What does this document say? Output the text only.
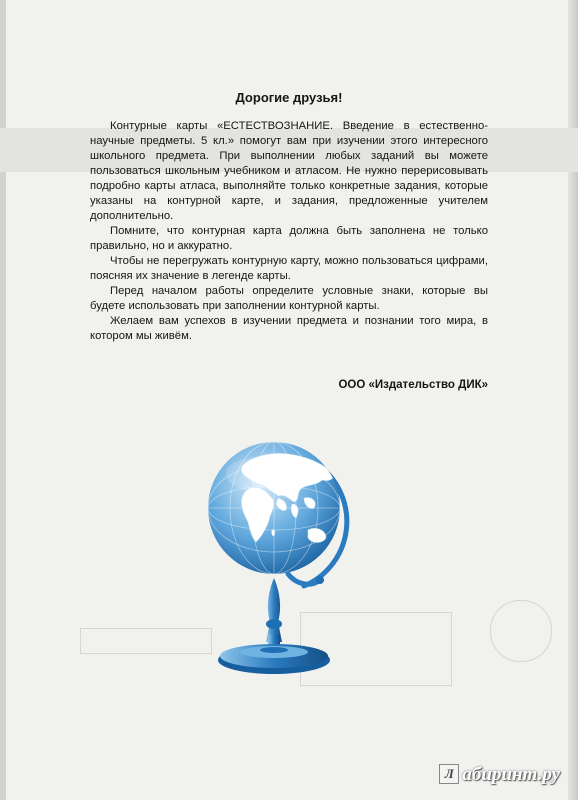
Дорогие друзья!

Контурные карты «ЕСТЕСТВОЗНАНИЕ. Введение в естественно-научные предметы. 5 кл.» помогут вам при изучении этого интересного школьного предмета. При выполнении любых заданий вы можете пользоваться школьным учебником и атласом. Не нужно перерисовывать подробно карты атласа, выполняйте только конкретные задания, которые указаны на контурной карте, и задания, предложенные учителем дополнительно.

Помните, что контурная карта должна быть заполнена не только правильно, но и аккуратно.

Чтобы не перегружать контурную карту, можно пользоваться цифрами, поясняя их значение в легенде карты.

Перед началом работы определите условные знаки, которые вы будете использовать при заполнении контурной карты.

Желаем вам успехов в изучении предмета и познании того мира, в котором мы живём.

ООО «Издательство ДИК»

Л абиринт.ру
